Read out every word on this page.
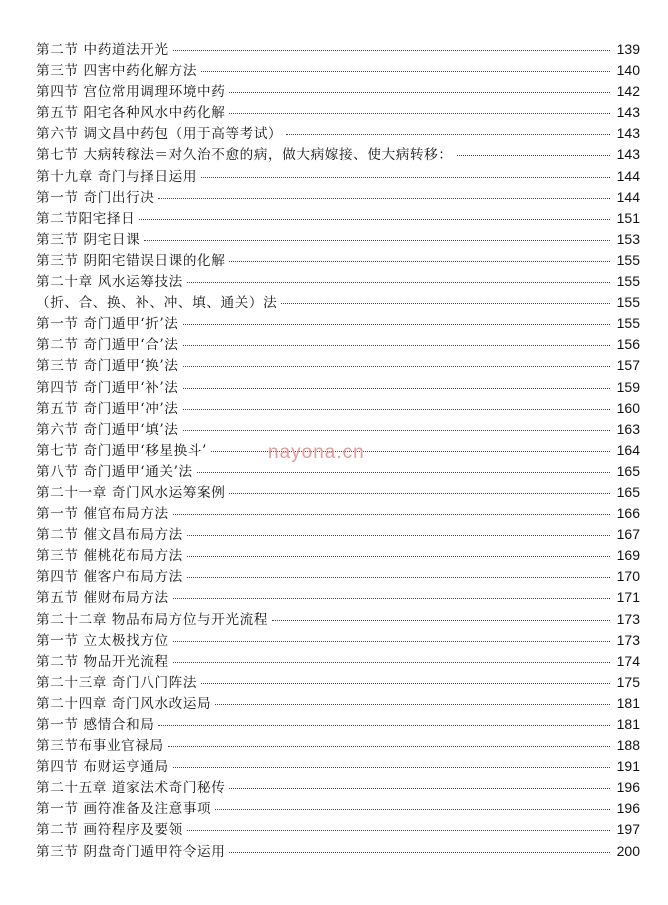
第二节 中药道法开光	139
第三节 四害中药化解方法	140
第四节 宫位常用调理环境中药	142
第五节 阳宅各种风水中药化解	143
第六节 调文昌中药包（用于高等考试）	143
第七节 大病转稼法＝对久治不愈的病，做大病嫁接、使大病转移：	143
第十九章 奇门与择日运用	144
第一节 奇门出行决	144
第二节阳宅择日	151
第三节 阴宅日课	153
第三节 阴阳宅错误日课的化解	155
第二十章 风水运筹技法	155
（折、合、换、补、冲、填、通关）法	155
第一节 奇门遁甲‘折’法	155
第二节 奇门遁甲‘合’法	156
第三节 奇门遁甲‘换’法	157
第四节 奇门遁甲‘补’法	159
第五节 奇门遁甲‘冲’法	160
第六节 奇门遁甲‘填’法	163
第七节 奇门遁甲‘移星换斗’	164
第八节 奇门遁甲‘通关’法	165
第二十一章 奇门风水运筹案例	165
第一节 催官布局方法	166
第二节 催文昌布局方法	167
第三节 催桃花布局方法	169
第四节 催客户布局方法	170
第五节 催财布局方法	171
第二十二章 物品布局方位与开光流程	173
第一节 立太极找方位	173
第二节 物品开光流程	174
第二十三章 奇门八门阵法	175
第二十四章 奇门风水改运局	181
第一节 感情合和局	181
第三节布事业官禄局	188
第四节 布财运亨通局	191
第二十五章 道家法术奇门秘传	196
第一节 画符准备及注意事项	196
第二节 画符程序及要领	197
第三节 阴盘奇门遁甲符令运用	200
nayona.cn
